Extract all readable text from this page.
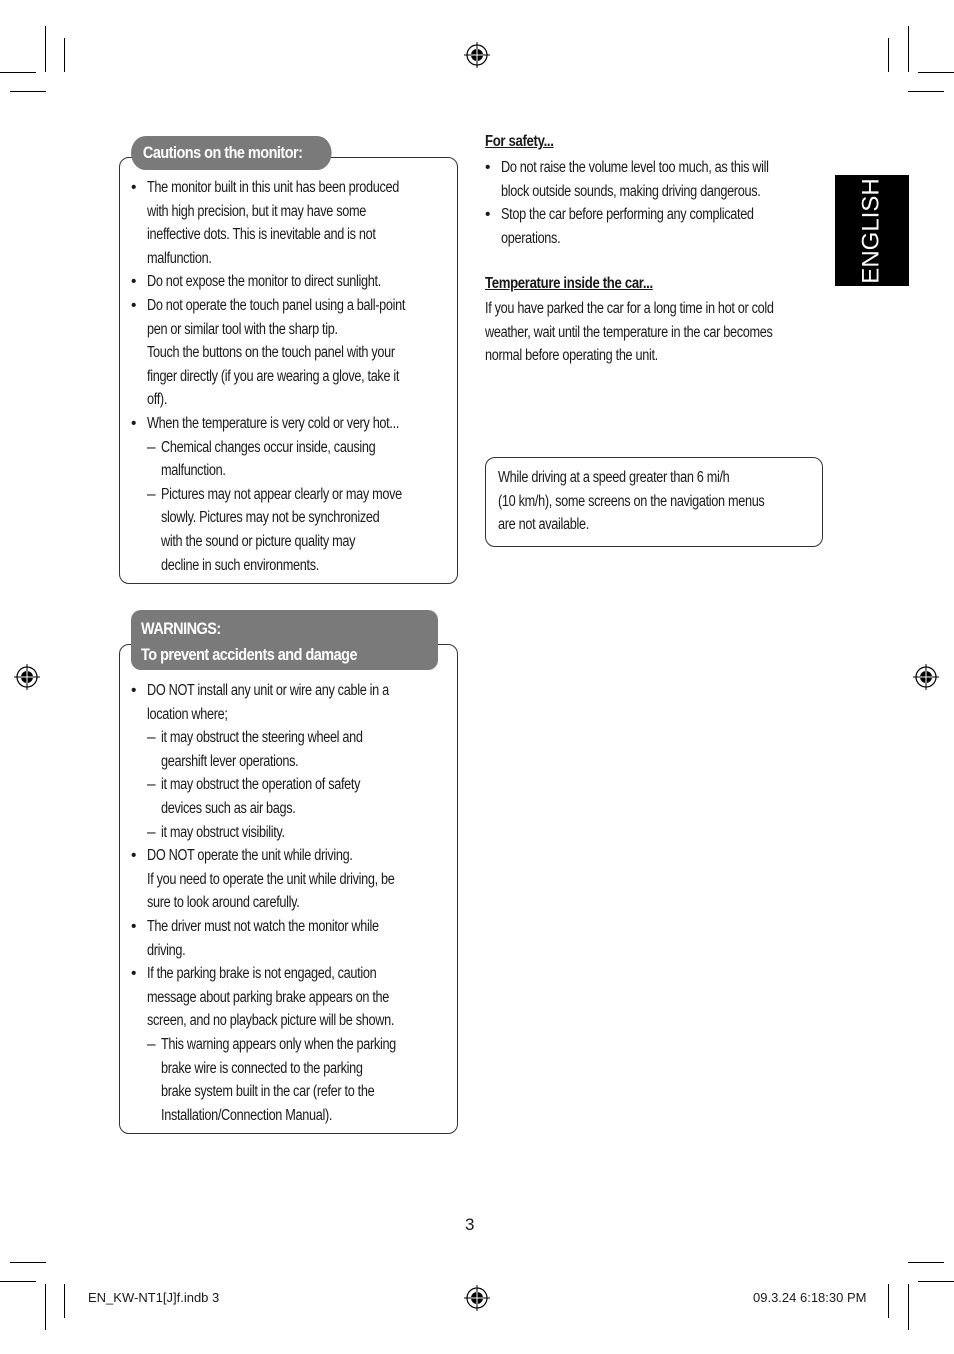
ENGLISH
Cautions on the monitor:
• The monitor built in this unit has been produced
with high precision, but it may have some
ineffective dots. This is inevitable and is not
malfunction.
• Do not expose the monitor to direct sunlight.
• Do not operate the touch panel using a ball-point
pen or similar tool with the sharp tip.
Touch the buttons on the touch panel with your
finger directly (if you are wearing a glove, take it
off).
• When the temperature is very cold or very hot...
– Chemical changes occur inside, causing
malfunction.
– Pictures may not appear clearly or may move
slowly. Pictures may not be synchronized
with the sound or picture quality may
decline in such environments.
WARNINGS:
To prevent accidents and damage
• DO NOT install any unit or wire any cable in a
location where;
– it may obstruct the steering wheel and
gearshift lever operations.
– it may obstruct the operation of safety
devices such as air bags.
– it may obstruct visibility.
• DO NOT operate the unit while driving.
If you need to operate the unit while driving, be
sure to look around carefully.
• The driver must not watch the monitor while
driving.
• If the parking brake is not engaged, caution
message about parking brake appears on the
screen, and no playback picture will be shown.
– This warning appears only when the parking
brake wire is connected to the parking
brake system built in the car (refer to the
Installation/Connection Manual).
For safety...
• Do not raise the volume level too much, as this will
block outside sounds, making driving dangerous.
• Stop the car before performing any complicated
operations.
Temperature inside the car...
If you have parked the car for a long time in hot or cold
weather, wait until the temperature in the car becomes
normal before operating the unit.
While driving at a speed greater than 6 mi/h
(10 km/h), some screens on the navigation menus
are not available.
3
EN_KW-NT1[J]f.indb 3	09.3.24 6:18:30 PM
